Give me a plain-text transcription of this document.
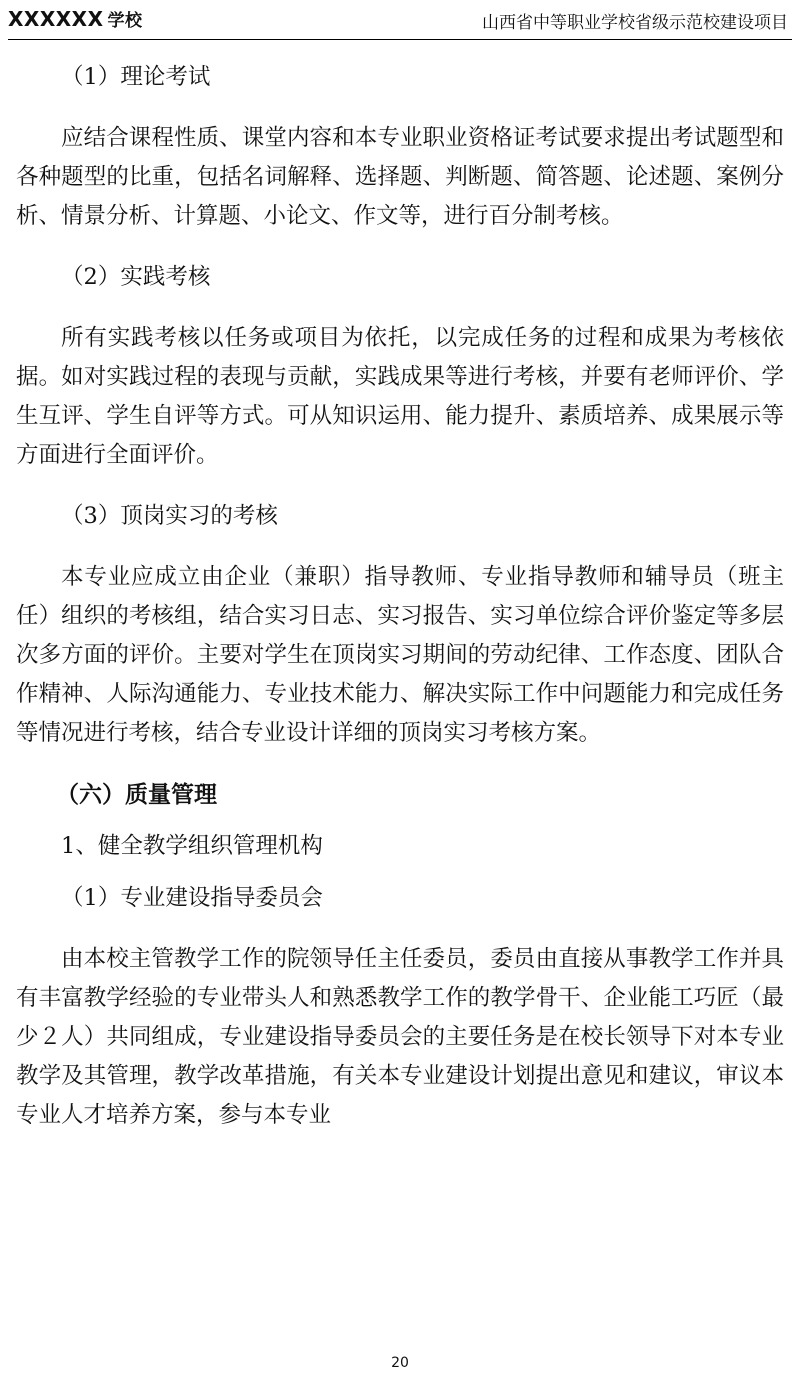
XXXXXX 学校	山西省中等职业学校省级示范校建设项目

（1）理论考试

应结合课程性质、课堂内容和本专业职业资格证考试要求提出考试题型和各种题型的比重，包括名词解释、选择题、判断题、简答题、论述题、案例分析、情景分析、计算题、小论文、作文等，进行百分制考核。

（2）实践考核

所有实践考核以任务或项目为依托，以完成任务的过程和成果为考核依据。如对实践过程的表现与贡献，实践成果等进行考核，并要有老师评价、学生互评、学生自评等方式。可从知识运用、能力提升、素质培养、成果展示等方面进行全面评价。

（3）顶岗实习的考核

本专业应成立由企业（兼职）指导教师、专业指导教师和辅导员（班主任）组织的考核组，结合实习日志、实习报告、实习单位综合评价鉴定等多层次多方面的评价。主要对学生在顶岗实习期间的劳动纪律、工作态度、团队合作精神、人际沟通能力、专业技术能力、解决实际工作中问题能力和完成任务等情况进行考核，结合专业设计详细的顶岗实习考核方案。

（六）质量管理

1、健全教学组织管理机构

（1）专业建设指导委员会

由本校主管教学工作的院领导任主任委员，委员由直接从事教学工作并具有丰富教学经验的专业带头人和熟悉教学工作的教学骨干、企业能工巧匠（最少２人）共同组成，专业建设指导委员会的主要任务是在校长领导下对本专业教学及其管理，教学改革措施，有关本专业建设计划提出意见和建议，审议本专业人才培养方案，参与本专业

20
